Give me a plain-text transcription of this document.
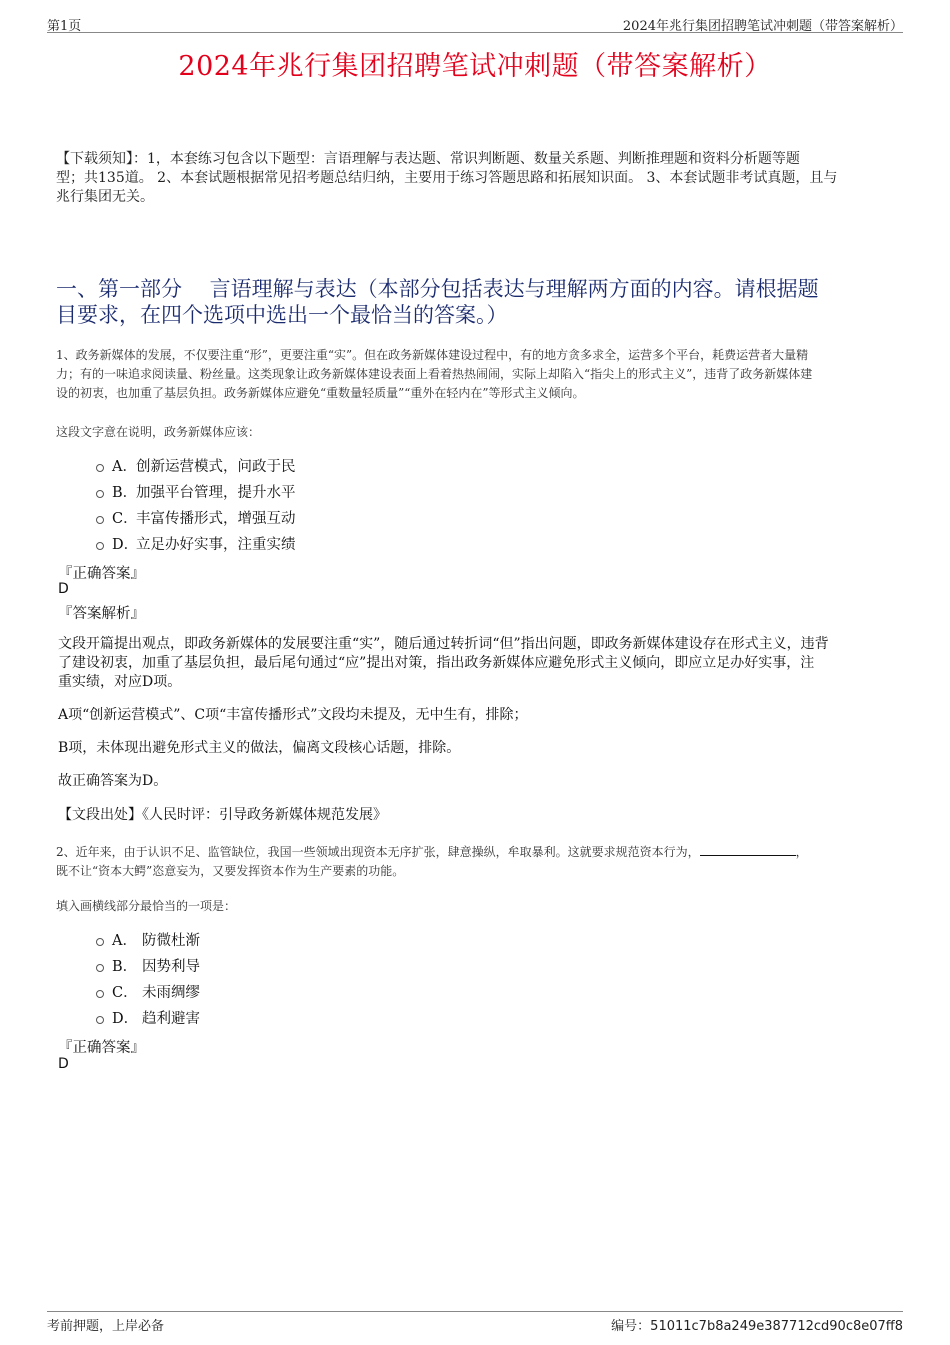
第1页	2024年兆行集团招聘笔试冲刺题（带答案解析）
2024年兆行集团招聘笔试冲刺题（带答案解析）
【下载须知】：1，本套练习包含以下题型：言语理解与表达题、常识判断题、数量关系题、判断推理题和资料分析题等题
型；共135道。 2、本套试题根据常见招考题总结归纳，主要用于练习答题思路和拓展知识面。 3、本套试题非考试真题，且与
兆行集团无关。
一、第一部分　 言语理解与表达（本部分包括表达与理解两方面的内容。请根据题
目要求，在四个选项中选出一个最恰当的答案。）
1、政务新媒体的发展，不仅要注重“形”，更要注重“实”。但在政务新媒体建设过程中，有的地方贪多求全，运营多个平台，耗费运营者大量精
力；有的一味追求阅读量、粉丝量。这类现象让政务新媒体建设表面上看着热热闹闹，实际上却陷入“指尖上的形式主义”，违背了政务新媒体建
设的初衷，也加重了基层负担。政务新媒体应避免“重数量轻质量”“重外在轻内在”等形式主义倾向。
这段文字意在说明，政务新媒体应该：
A． 创新运营模式，问政于民
B．
加强平台管理，提升水平
C．
丰富传播形式，增强互动
D．
立足办好实事，注重实绩
『正确答案』
D
『答案解析』
文段开篇提出观点，即政务新媒体的发展要注重“实”，随后通过转折词“但”指出问题，即政务新媒体建设存在形式主义，违背
了建设初衷，加重了基层负担，最后尾句通过“应”提出对策，指出政务新媒体应避免形式主义倾向，即应立足办好实事，注
重实绩，对应D项。
A项“创新运营模式”、C项“丰富传播形式”文段均未提及，无中生有，排除；
B项，未体现出避免形式主义的做法，偏离文段核心话题，排除。
故正确答案为D。
【文段出处】《人民时评：引导政务新媒体规范发展》
2、近年来，由于认识不足、监管缺位，我国一些领域出现资本无序扩张，肆意操纵，牟取暴利。这就要求规范资本行为，	，
既不让“资本大鳄”恣意妄为，又要发挥资本作为生产要素的功能。
填入画横线部分最恰当的一项是：
A． 防微杜渐
B． 因势利导
C． 未雨绸缪
D． 趋利避害
『正确答案』
D
考前押题，上岸必备	编号：51011c7b8a249e387712cd90c8e07ff8
